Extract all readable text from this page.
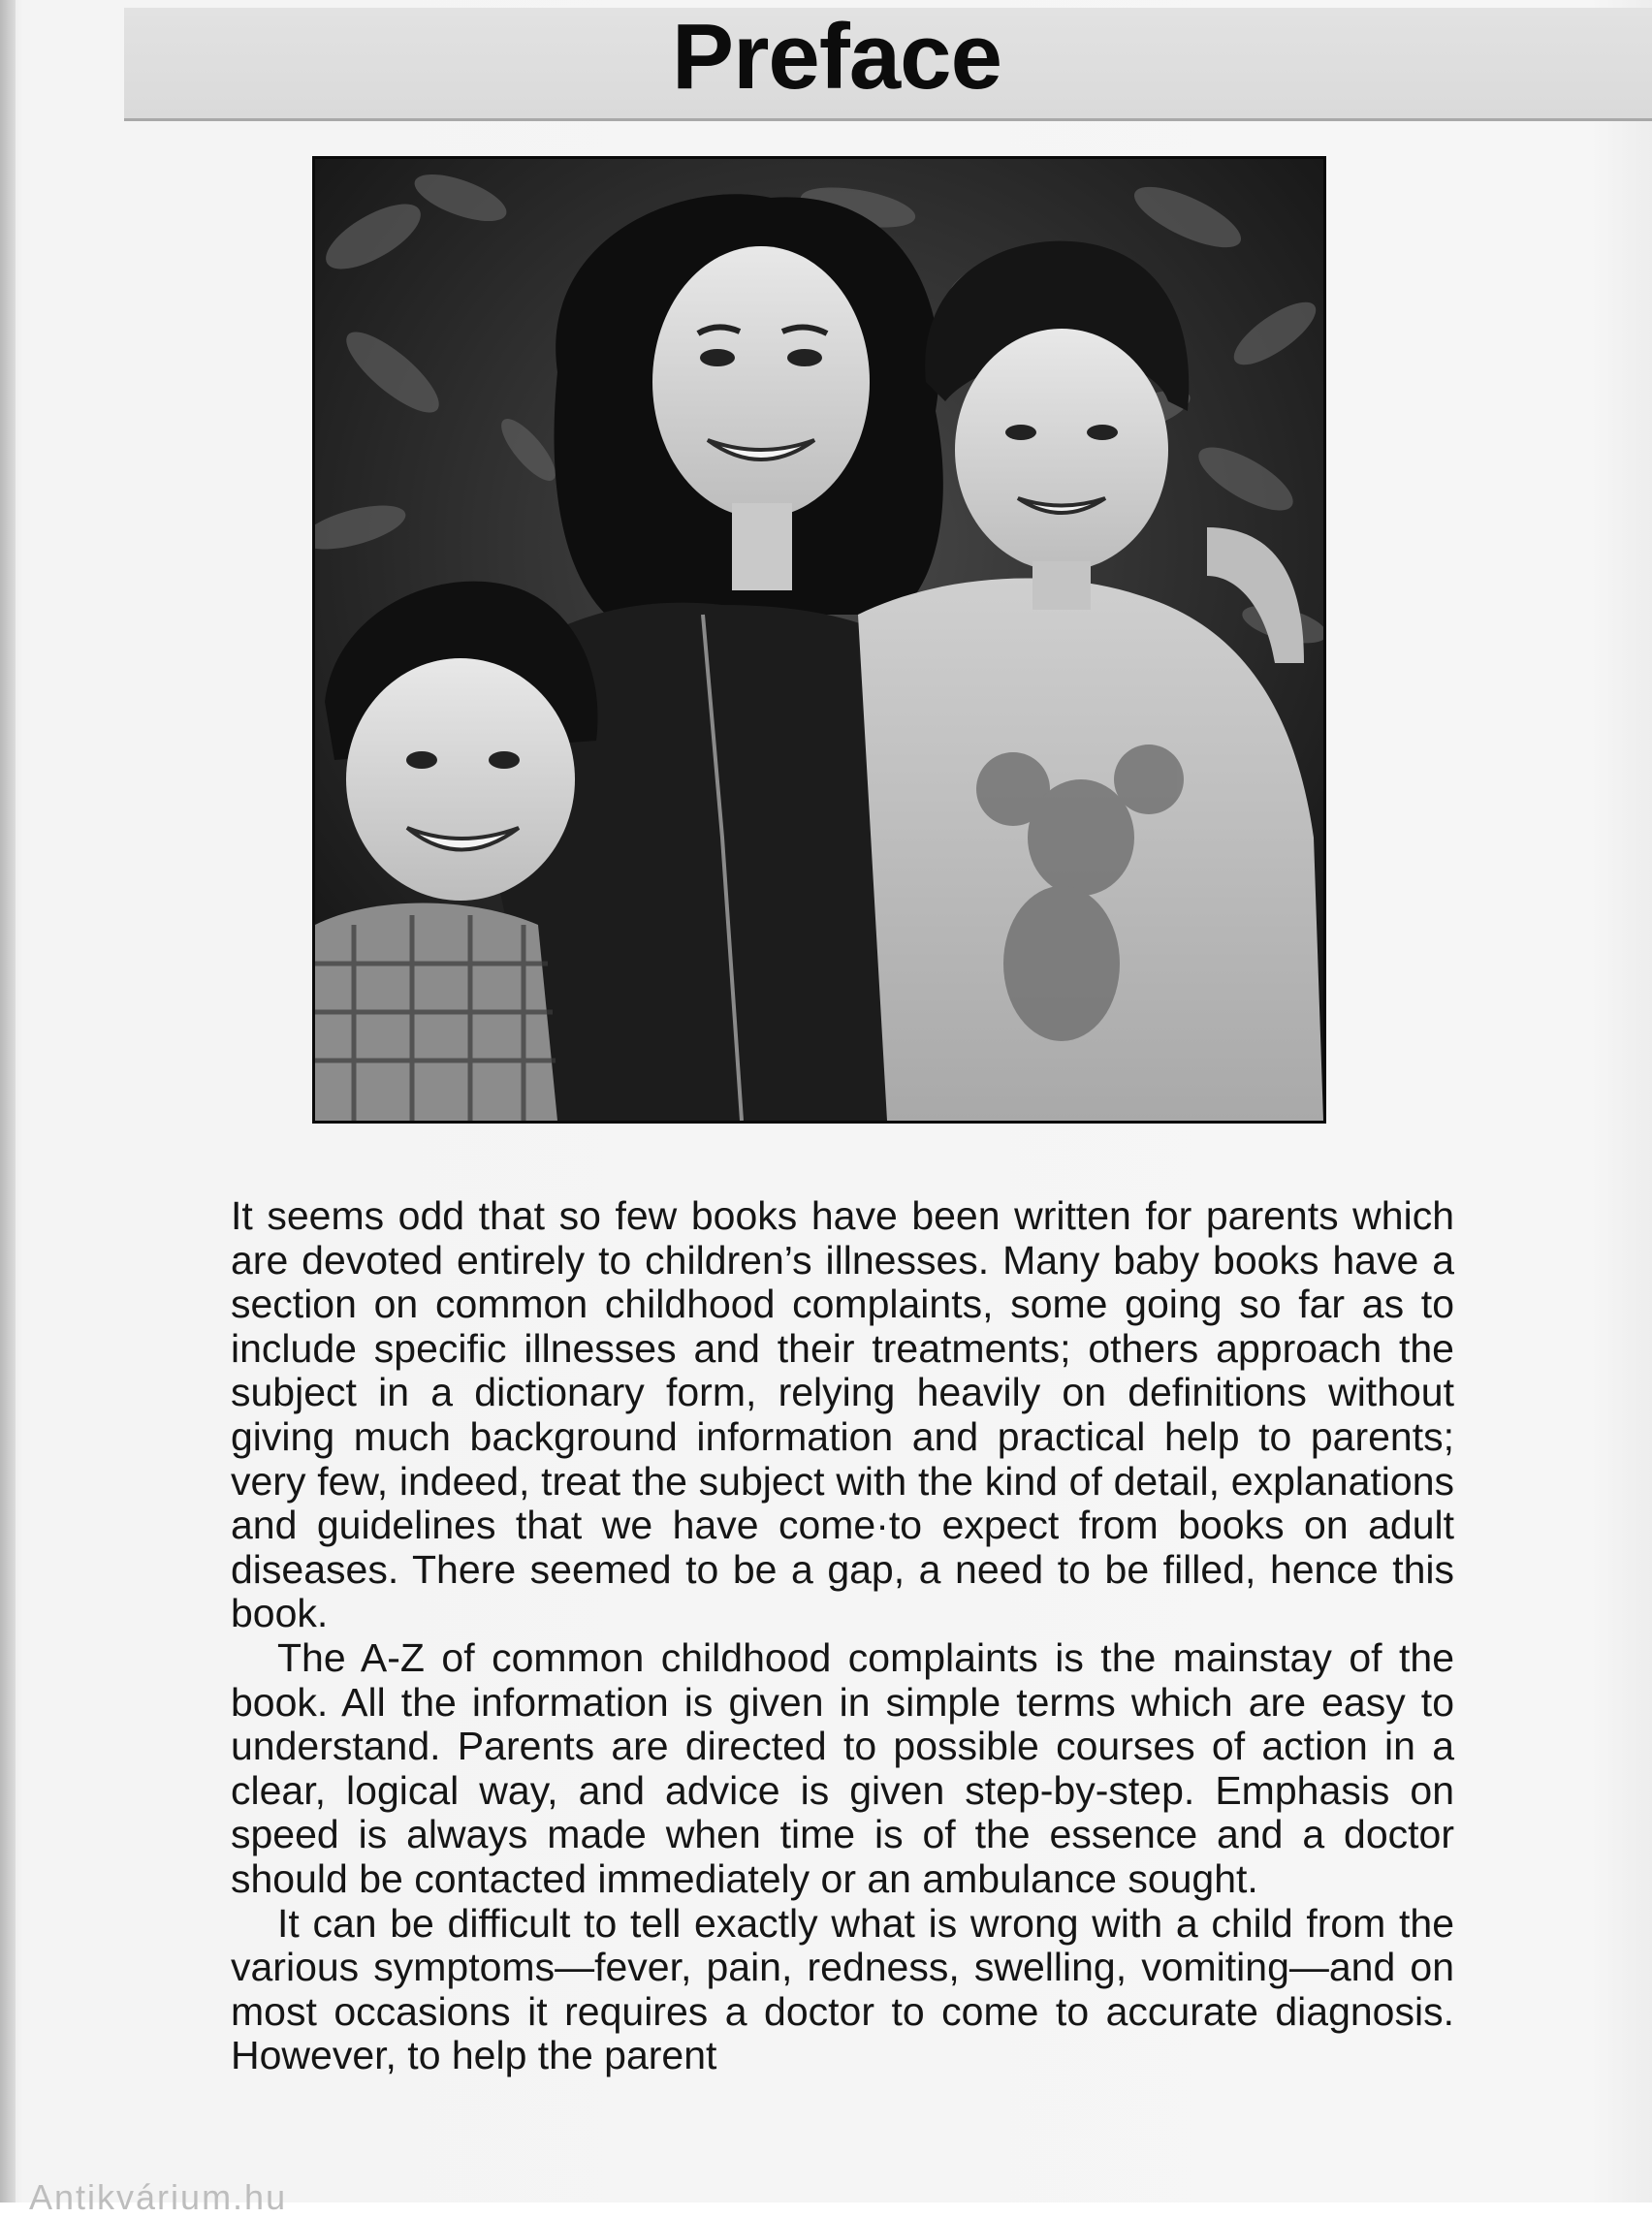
Preface

It seems odd that so few books have been written for parents which are devoted entirely to children’s illnesses. Many baby books have a section on common childhood complaints, some going so far as to include specific illnesses and their treatments; others approach the subject in a dictionary form, relying heavily on definitions without giving much background information and practical help to parents; very few, indeed, treat the subject with the kind of detail, explanations and guidelines that we have come·to expect from books on adult diseases. There seemed to be a gap, a need to be filled, hence this book.

The A-Z of common childhood complaints is the mainstay of the book. All the information is given in simple terms which are easy to understand. Parents are directed to possible courses of action in a clear, logical way, and advice is given step-by-step. Emphasis on speed is always made when time is of the essence and a doctor should be contacted immediately or an ambulance sought.

It can be difficult to tell exactly what is wrong with a child from the various symptoms—fever, pain, redness, swelling, vomiting—and on most occasions it requires a doctor to come to accurate diagnosis. However, to help the parent

Antikvárium.hu
